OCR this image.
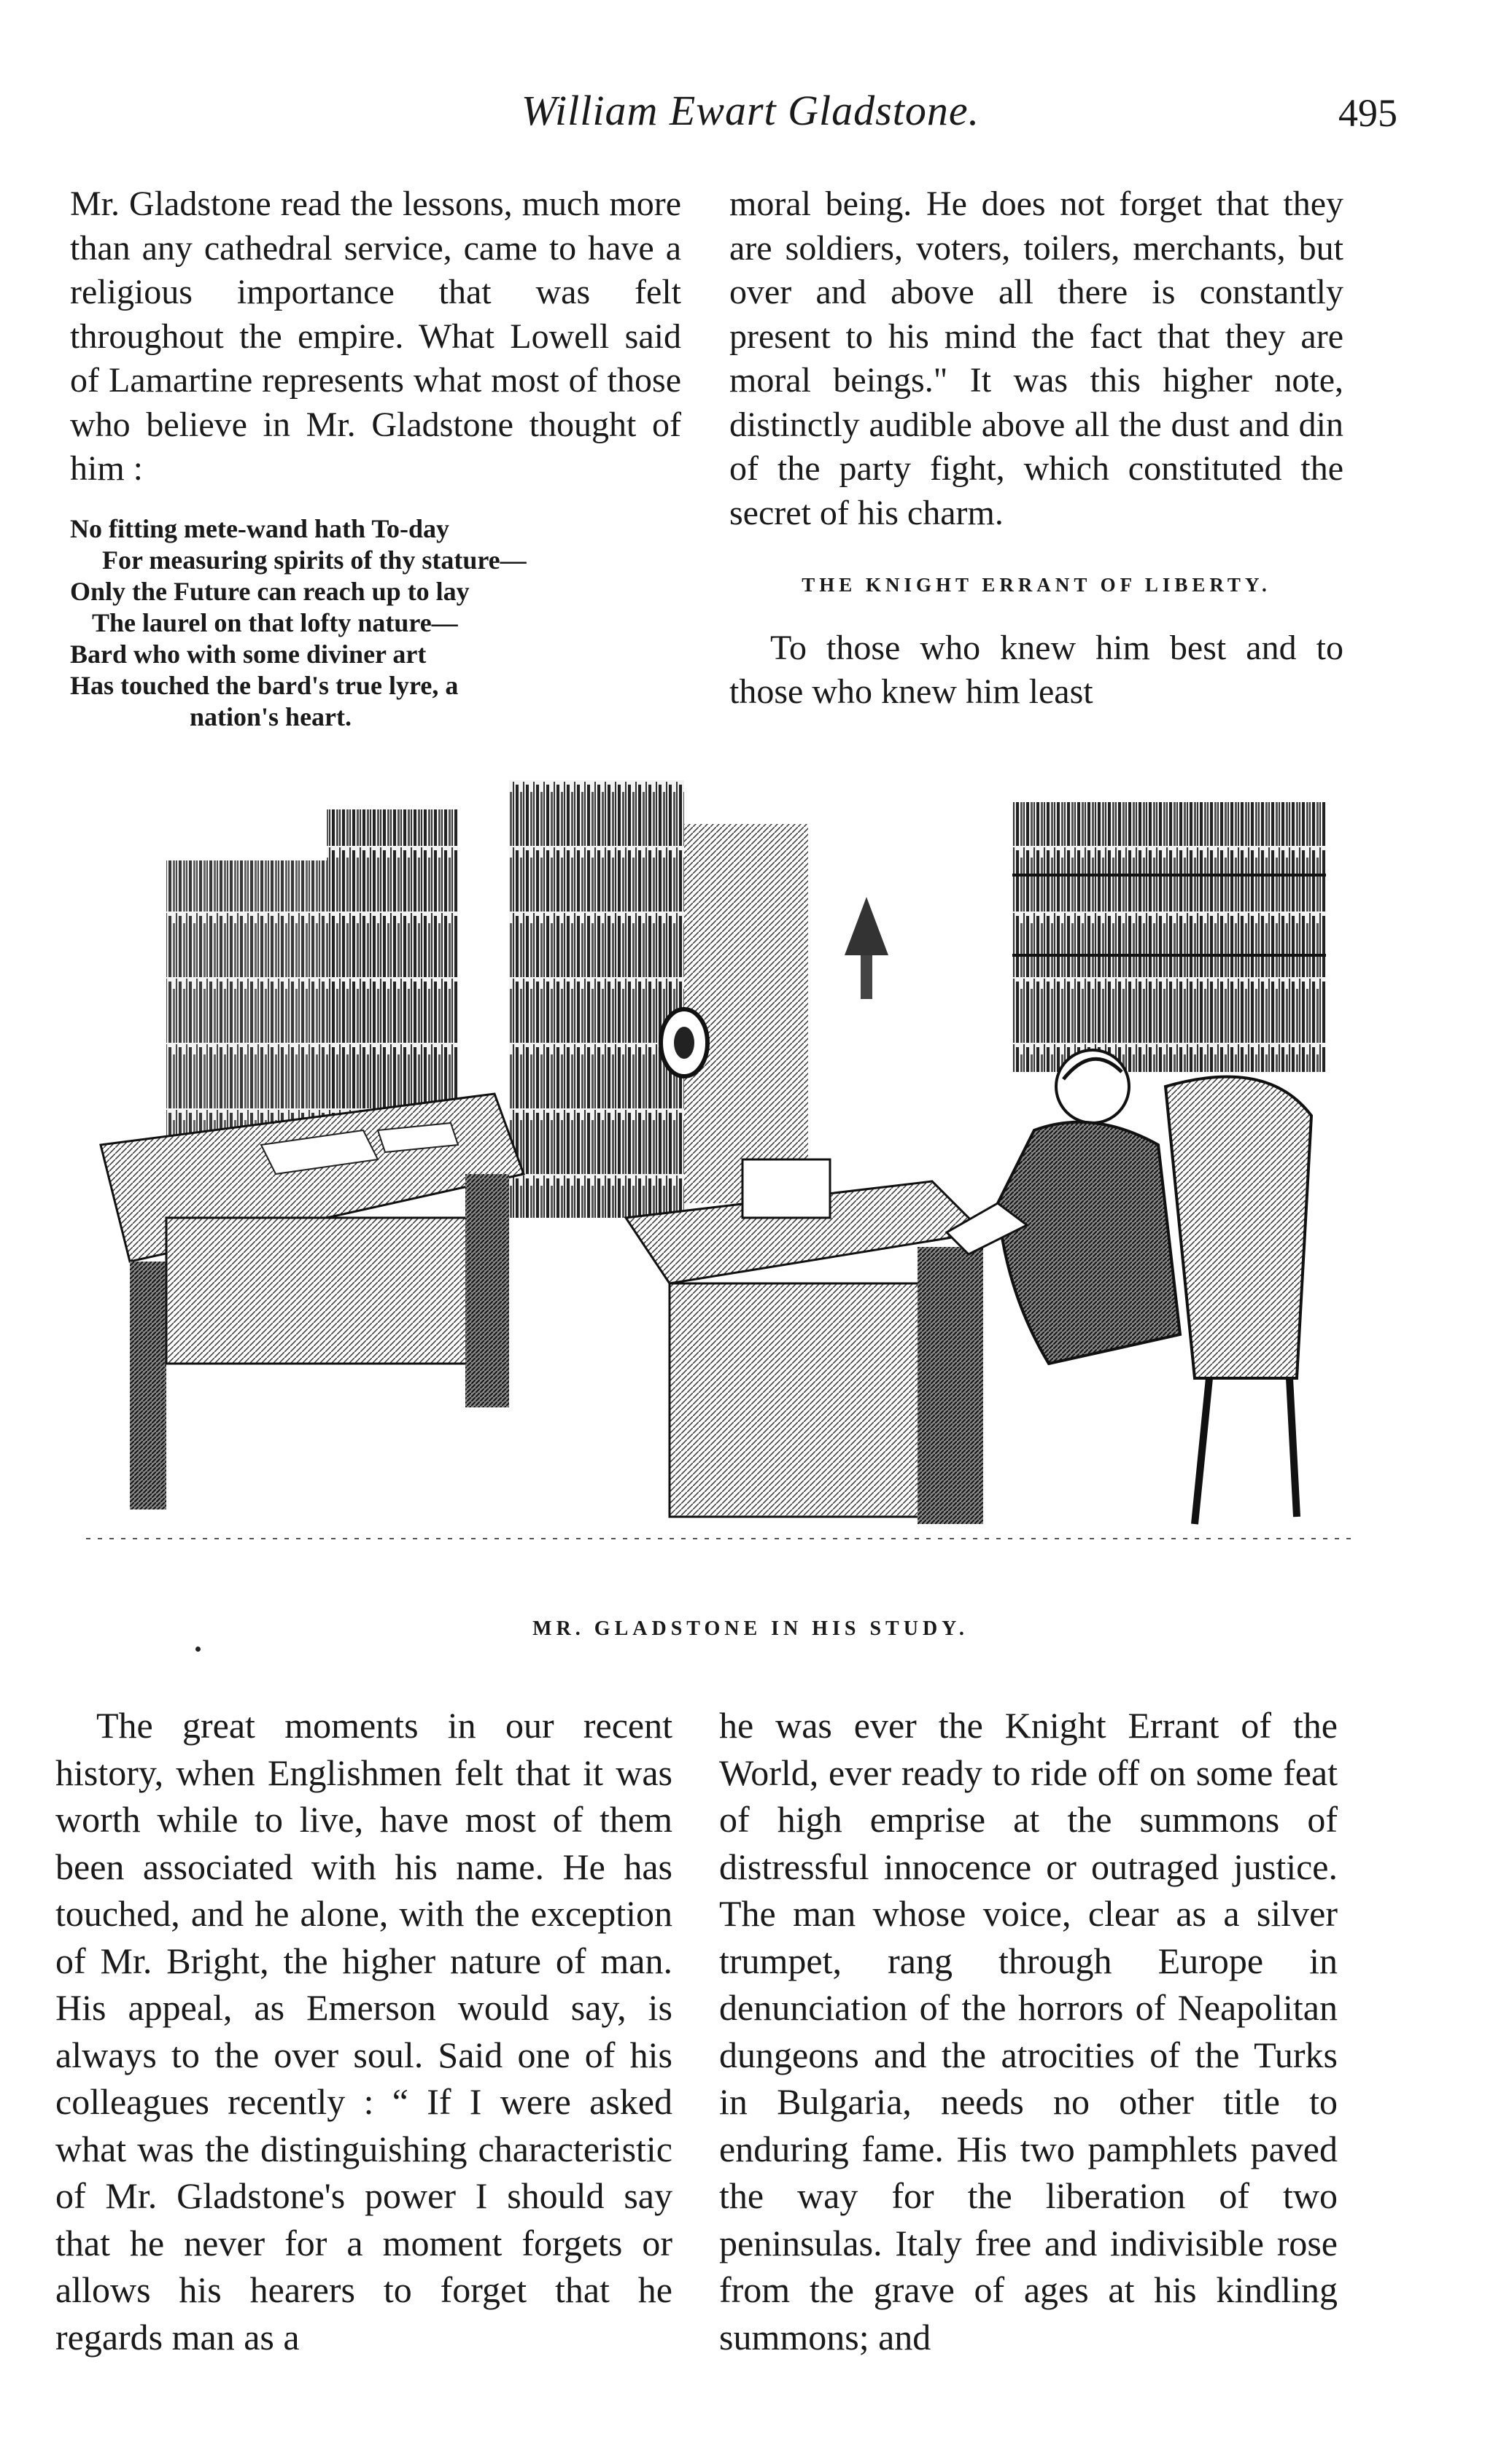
William Ewart Gladstone.	495

Mr. Gladstone read the lessons, much more than any cathedral service, came to have a religious importance that was felt throughout the empire. What Lowell said of Lamartine represents what most of those who believe in Mr. Gladstone thought of him :

No fitting mete-wand hath To-day
For measuring spirits of thy stature—
Only the Future can reach up to lay
The laurel on that lofty nature—
Bard who with some diviner art
Has touched the bard's true lyre, a
nation's heart.

moral being. He does not forget that they are soldiers, voters, toilers, merchants, but over and above all there is constantly present to his mind the fact that they are moral beings." It was this higher note, distinctly audible above all the dust and din of the party fight, which constituted the secret of his charm.

THE KNIGHT ERRANT OF LIBERTY.

To those who knew him best and to those who knew him least

MR. GLADSTONE IN HIS STUDY.

The great moments in our recent history, when Englishmen felt that it was worth while to live, have most of them been associated with his name. He has touched, and he alone, with the exception of Mr. Bright, the higher nature of man. His appeal, as Emerson would say, is always to the over soul. Said one of his colleagues recently : “ If I were asked what was the distinguishing characteristic of Mr. Gladstone's power I should say that he never for a moment forgets or allows his hearers to forget that he regards man as a

he was ever the Knight Errant of the World, ever ready to ride off on some feat of high emprise at the summons of distressful innocence or outraged justice. The man whose voice, clear as a silver trumpet, rang through Europe in denunciation of the horrors of Neapolitan dungeons and the atrocities of the Turks in Bulgaria, needs no other title to enduring fame. His two pamphlets paved the way for the liberation of two peninsulas. Italy free and indivisible rose from the grave of ages at his kindling summons; and
